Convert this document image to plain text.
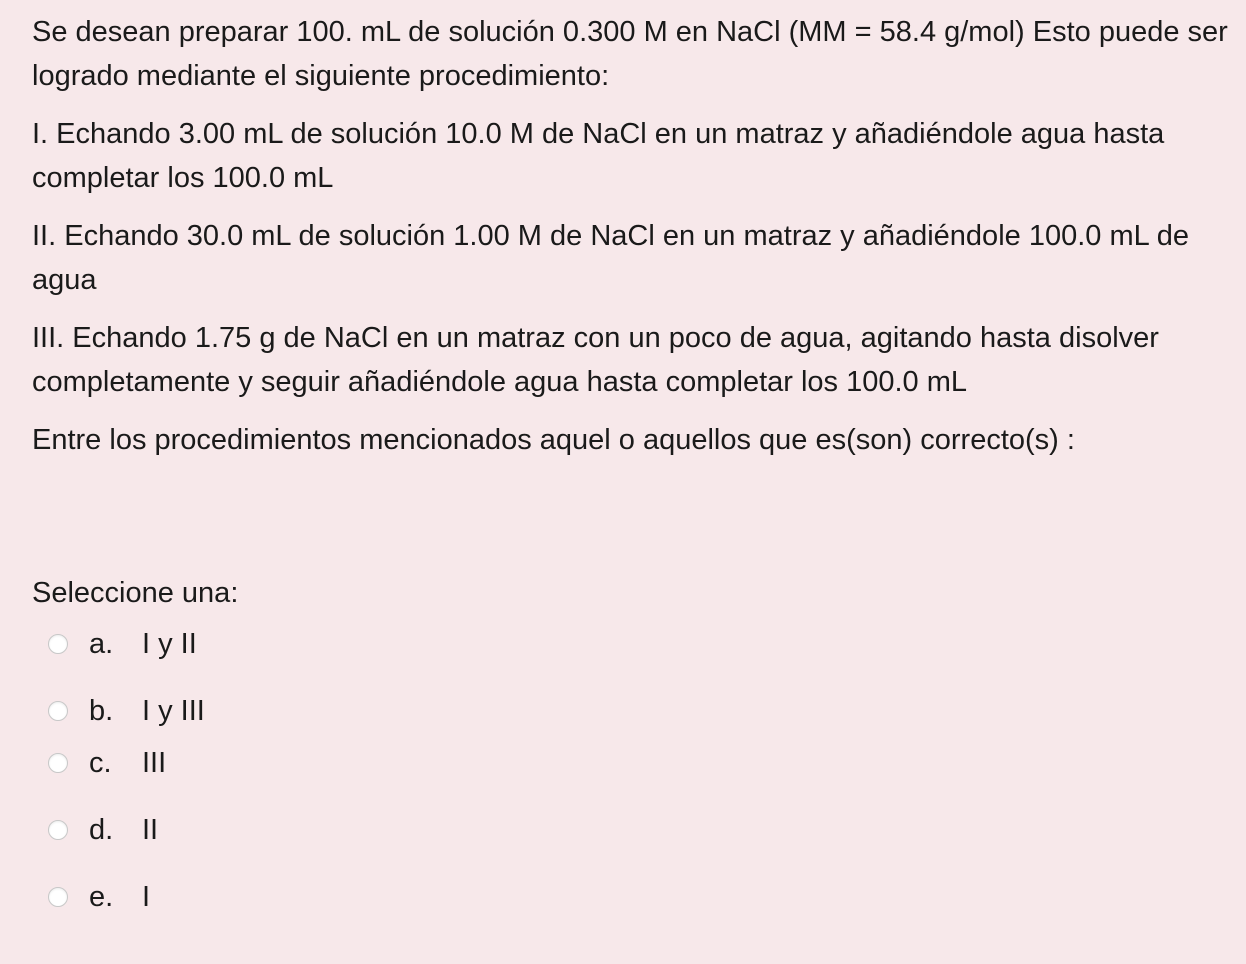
Se desean preparar 100. mL de solución 0.300 M en NaCl (MM = 58.4 g/mol) Esto puede ser logrado mediante el siguiente procedimiento:

I. Echando 3.00 mL de solución 10.0 M de NaCl en un matraz y añadiéndole agua hasta completar los 100.0 mL

II. Echando 30.0 mL de solución 1.00 M de NaCl en un matraz y añadiéndole 100.0 mL de agua

III. Echando 1.75 g de NaCl en un matraz con un poco de agua, agitando hasta disolver completamente y seguir añadiéndole agua hasta completar los 100.0 mL

Entre los procedimientos mencionados aquel o aquellos que es(son) correcto(s) :

Seleccione una:
a. I y II
b. I y III
c.	III
d. II
e. I
